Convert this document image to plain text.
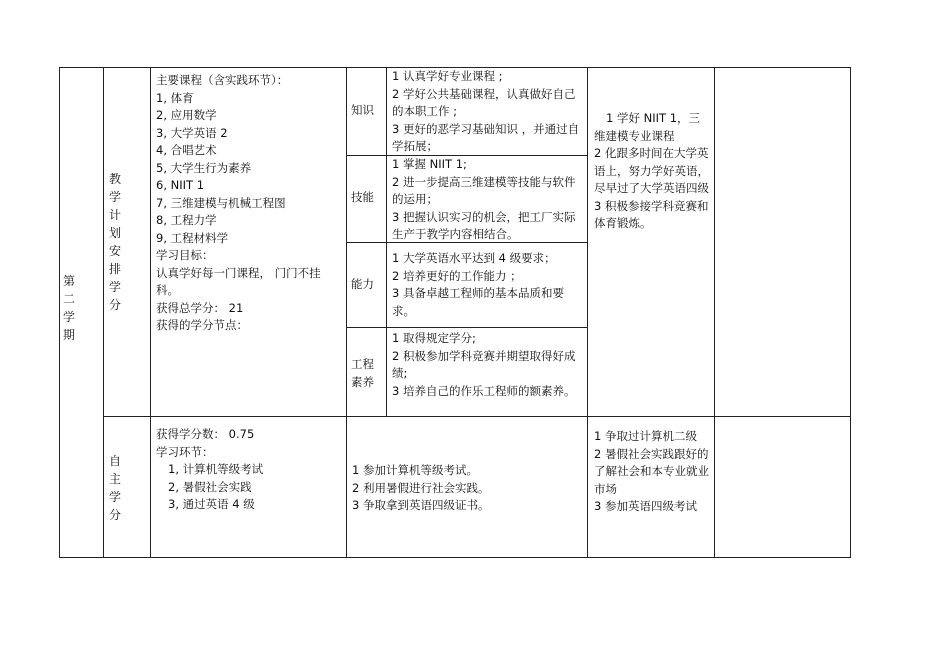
第二学期
教学计划安排学分
主要课程（含实践环节）：
1, 体育
2, 应用数学
3, 大学英语 2
4, 合唱艺术
5, 大学生行为素养
6, NIIT 1
7, 三维建模与机械工程图
8, 工程力学
9, 工程材料学
学习目标：
认真学好每一门课程， 门门不挂科。
获得总学分： 21
获得的学分节点：
知识
技能
能力
工程素养
1 认真学好专业课程 ;
2 学好公共基础课程，认真做好自己的本职工作 ;
3 更好的恶学习基础知识 ，并通过自学拓展；
1 掌握 NIIT 1;
2 进一步提高三维建模等技能与软件的运用；
3 把握认识实习的机会，把工厂实际生产于教学内容相结合。
1 大学英语水平达到 4 级要求；
2 培养更好的工作能力 ；
3 具备卓越工程师的基本品质和要求。
1 取得规定学分;
2 积极参加学科竞赛并期望取得好成绩;
3 培养自己的作乐工程师的额素养。
1 学好 NIIT 1，三维建模专业课程
2 化跟多时间在大学英语上，努力学好英语，尽早过了大学英语四级
3 积极参接学科竞赛和体育锻炼。
自主学分
获得学分数： 0.75
学习环节：
1, 计算机等级考试
2, 暑假社会实践
3, 通过英语 4 级
1 参加计算机等级考试。
2 利用暑假进行社会实践。
3 争取拿到英语四级证书。
1 争取过计算机二级
2 暑假社会实践跟好的了解社会和本专业就业市场
3 参加英语四级考试
